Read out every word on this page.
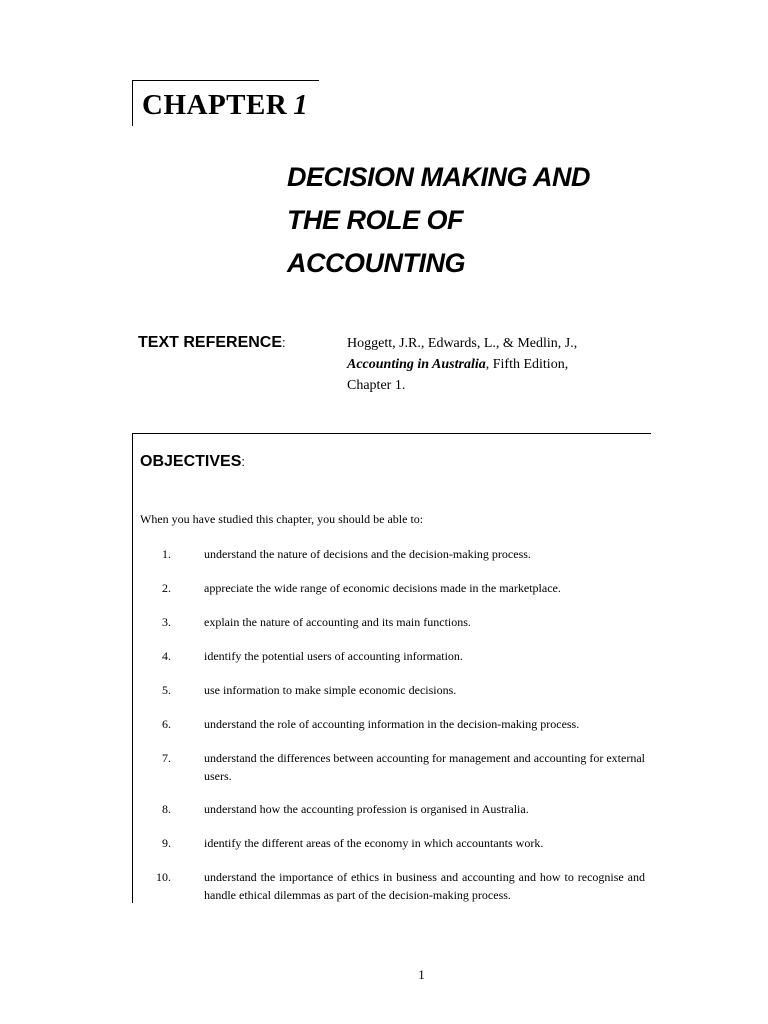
CHAPTER 1
DECISION MAKING AND
THE ROLE OF
ACCOUNTING
TEXT REFERENCE:	Hoggett, J.R., Edwards, L., & Medlin, J.,
Accounting in Australia, Fifth Edition,
Chapter 1.
OBJECTIVES:
When you have studied this chapter, you should be able to:
1.	understand the nature of decisions and the decision-making process.
2.	appreciate the wide range of economic decisions made in the marketplace.
3.	explain the nature of accounting and its main functions.
4.	identify the potential users of accounting information.
5.	use information to make simple economic decisions.
6.	understand the role of accounting information in the decision-making process.
7.	understand the differences between accounting for management and accounting for external users.
8.	understand how the accounting profession is organised in Australia.
9.	identify the different areas of the economy in which accountants work.
10.	understand the importance of ethics in business and accounting and how to recognise and handle ethical dilemmas as part of the decision-making process.
1
